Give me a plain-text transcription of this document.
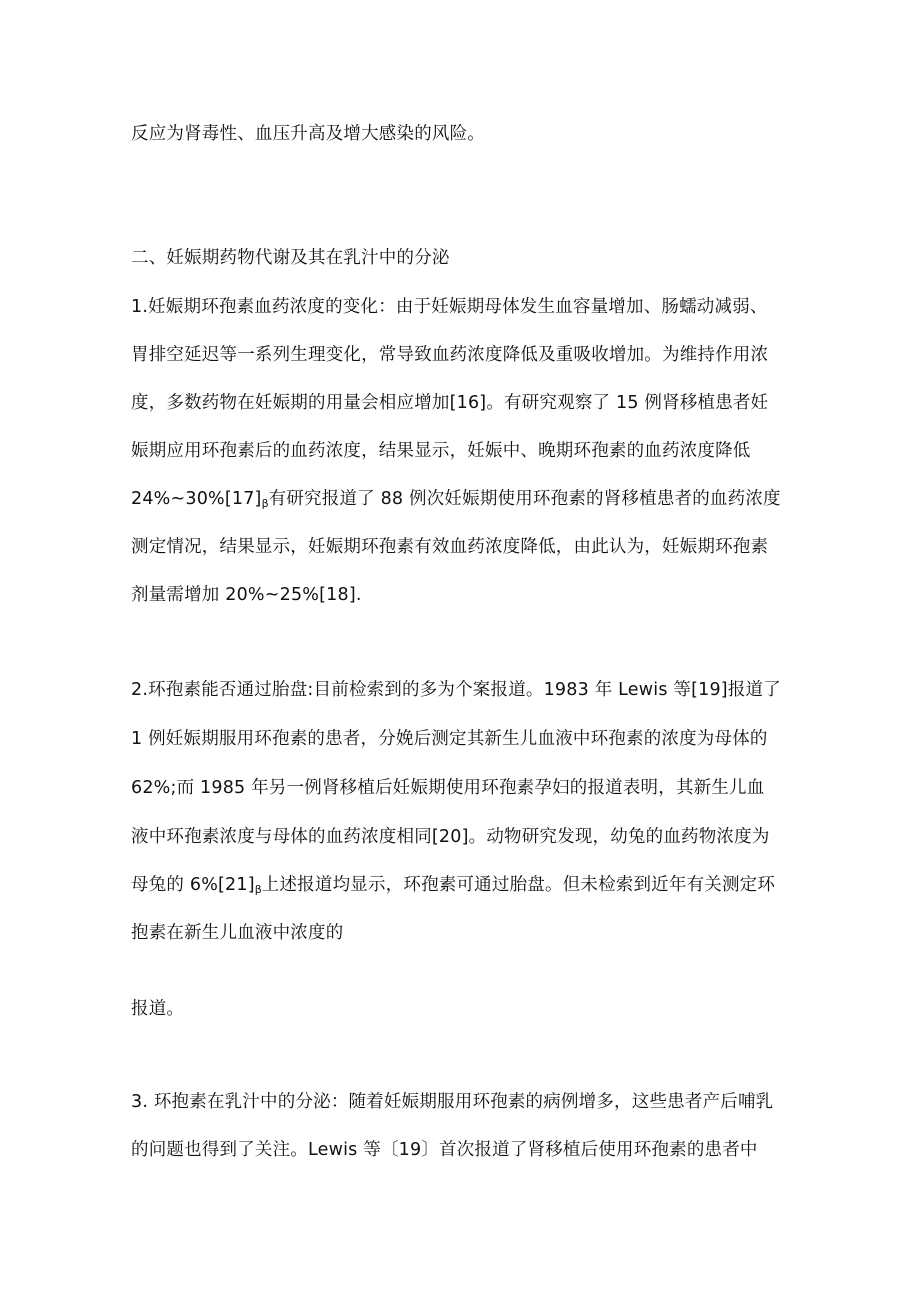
反应为肾毒性、血压升高及增大感染的风险。
二、妊娠期药物代谢及其在乳汁中的分泌
1.妊娠期环孢素血药浓度的变化：由于妊娠期母体发生血容量增加、肠蠕动减弱、
胃排空延迟等一系列生理变化，常导致血药浓度降低及重吸收增加。为维持作用浓
度，多数药物在妊娠期的用量会相应增加[16]。有研究观察了 15 例肾移植患者妊
娠期应用环孢素后的血药浓度，结果显示，妊娠中、晚期环孢素的血药浓度降低
$24\%\sim 30\%[17]_\beta$有研究报道了 88 例次妊娠期使用环孢素的肾移植患者的血药浓度
测定情况，结果显示，妊娠期环孢素有效血药浓度降低，由此认为，妊娠期环孢素
剂量需增加 20%~25%[18].
2.环孢素能否通过胎盘:目前检索到的多为个案报道。1983 年 Lewis 等[19]报道了
1 例妊娠期服用环孢素的患者，分娩后测定其新生儿血液中环孢素的浓度为母体的
62%;而 1985 年另一例肾移植后妊娠期使用环孢素孕妇的报道表明，其新生儿血
液中环孢素浓度与母体的血药浓度相同[20]。动物研究发现，幼兔的血药物浓度为
母兔的 $6\%[21]_\beta$上述报道均显示，环孢素可通过胎盘。但未检索到近年有关测定环
抱素在新生儿血液中浓度的
报道。
3. 环抱素在乳汁中的分泌：随着妊娠期服用环孢素的病例增多，这些患者产后哺乳
的问题也得到了关注。Lewis 等〔19〕首次报道了肾移植后使用环孢素的患者中
